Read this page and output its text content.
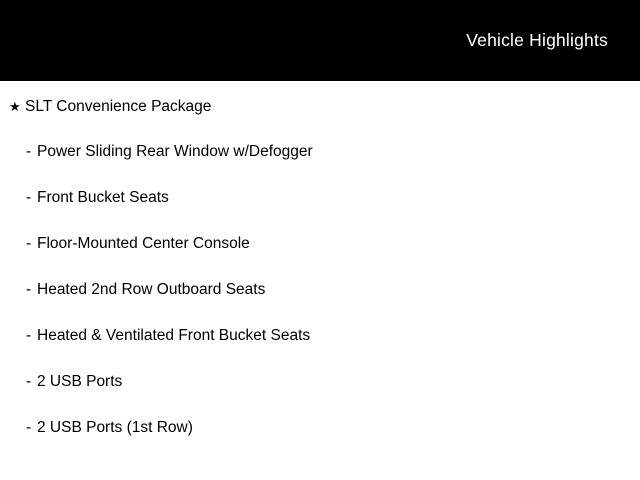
Vehicle Highlights
★ SLT Convenience Package
- Power Sliding Rear Window w/Defogger
- Front Bucket Seats
- Floor-Mounted Center Console
- Heated 2nd Row Outboard Seats
- Heated & Ventilated Front Bucket Seats
- 2 USB Ports
- 2 USB Ports (1st Row)
